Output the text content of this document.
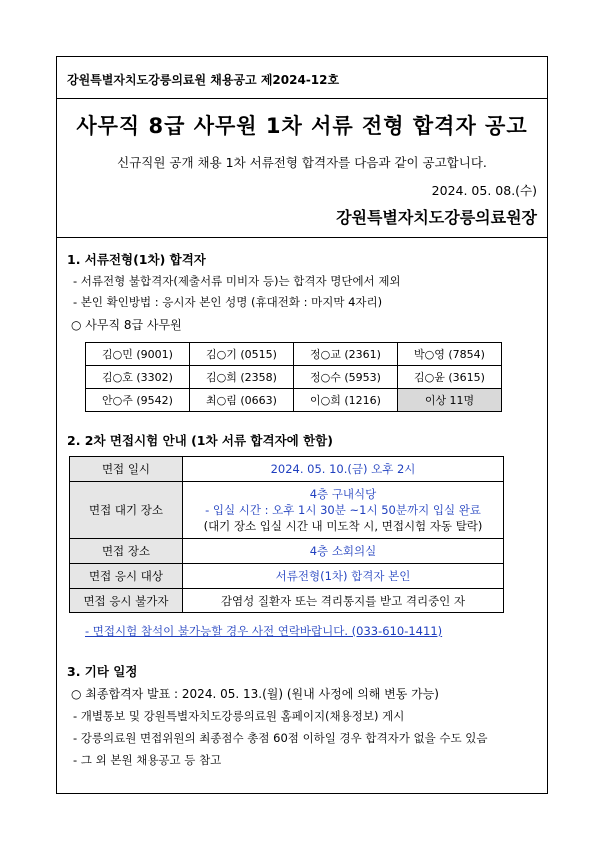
강원특별자치도강릉의료원 채용공고 제2024-12호
사무직 8급 사무원 1차 서류 전형 합격자 공고
신규직원 공개 채용 1차 서류전형 합격자를 다음과 같이 공고합니다.
2024. 05. 08.(수)
강원특별자치도강릉의료원장
1. 서류전형(1차) 합격자
- 서류전형 불합격자(제출서류 미비자 등)는 합격자 명단에서 제외
- 본인 확인방법 : 응시자 본인 성명 (휴대전화 : 마지막 4자리)
○ 사무직 8급 사무원
김○민 (9001)	김○기 (0515)	정○교 (2361)	박○영 (7854)
김○호 (3302)	김○희 (2358)	정○수 (5953)	김○윤 (3615)
안○주 (9542)	최○림 (0663)	이○희 (1216)	이상 11명
2. 2차 면접시험 안내 (1차 서류 합격자에 한함)
면접 일시	2024. 05. 10.(금) 오후 2시
면접 대기 장소	4층 구내식당
- 입실 시간 : 오후 1시 30분 ~1시 50분까지 입실 완료
(대기 장소 입실 시간 내 미도착 시, 면접시험 자동 탈락)

면접 장소	4층 소회의실
면접 응시 대상	서류전형(1차) 합격자 본인
면접 응시 불가자	감염성 질환자 또는 격리통지를 받고 격리중인 자
- 면접시험 참석이 불가능할 경우 사전 연락바랍니다. (033-610-1411)
3. 기타 일정
○ 최종합격자 발표 : 2024. 05. 13.(월) (원내 사정에 의해 변동 가능)
- 개별통보 및 강원특별자치도강릉의료원 홈페이지(채용정보) 게시
- 강릉의료원 면접위원의 최종점수 총점 60점 이하일 경우 합격자가 없을 수도 있음
- 그 외 본원 채용공고 등 참고
